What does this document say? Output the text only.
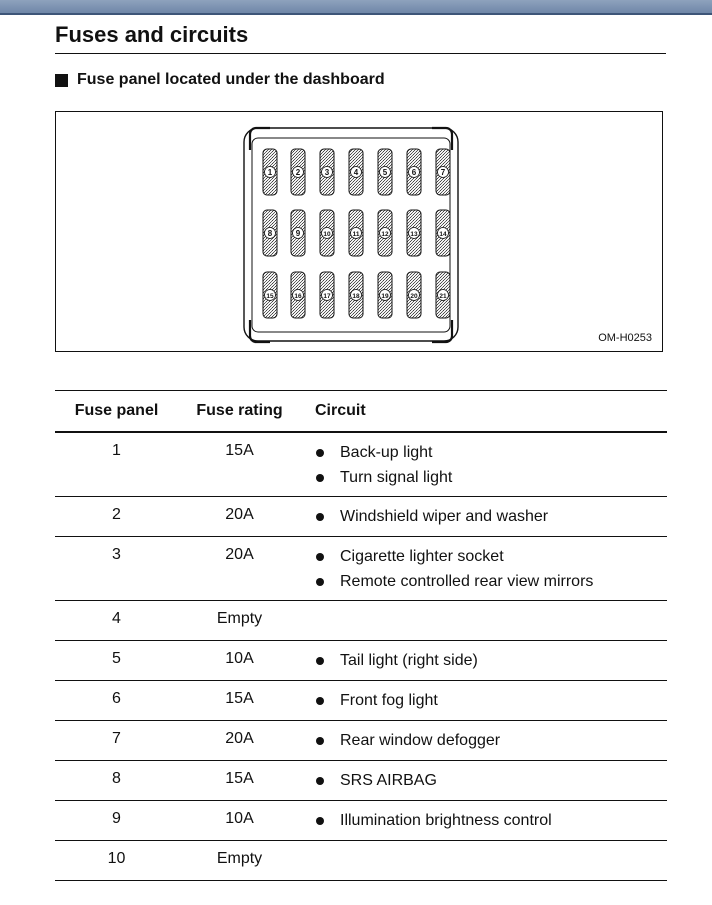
Fuses and circuits
Fuse panel located under the dashboard
1	2	3	4	5	6	7
8	9	10	11	12	13	14
15	16	17	18	19	20	21
OM-H0253
Fuse panel	Fuse rating	Circuit
1	15A	Back-up light
Turn signal light

2	20A	Windshield wiper and washer

3	20A	Cigarette lighter socket
Remote controlled rear view mirrors

4	Empty	
5	10A	Tail light (right side)

6	15A	Front fog light

7	20A	Rear window defogger

8	15A	SRS AIRBAG

9	10A	Illumination brightness control

10	Empty	
